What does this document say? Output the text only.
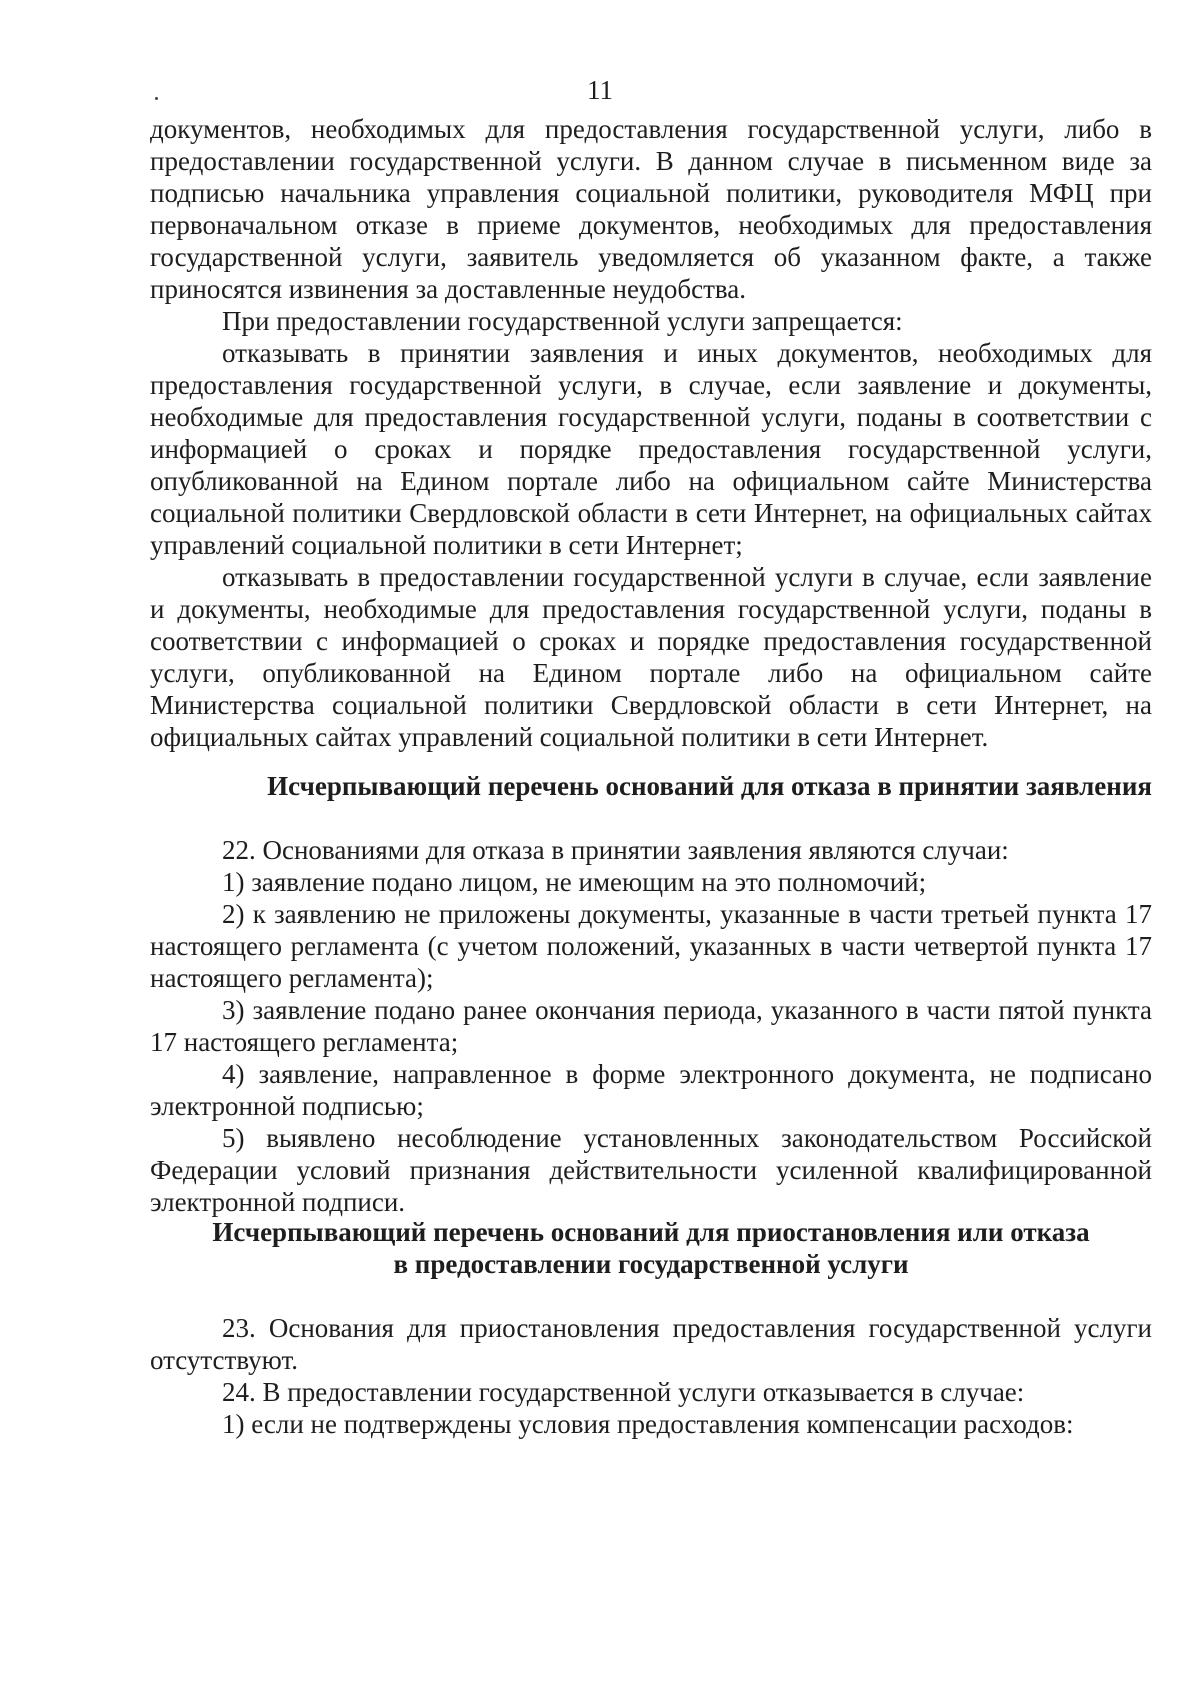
11

документов, необходимых для предоставления государственной услуги, либо в предоставлении государственной услуги. В данном случае в письменном виде за подписью начальника управления социальной политики, руководителя МФЦ при первоначальном отказе в приеме документов, необходимых для предоставления государственной услуги, заявитель уведомляется об указанном факте, а также приносятся извинения за доставленные неудобства.

При предоставлении государственной услуги запрещается:

отказывать в принятии заявления и иных документов, необходимых для предоставления государственной услуги, в случае, если заявление и документы, необходимые для предоставления государственной услуги, поданы в соответствии с информацией о сроках и порядке предоставления государственной услуги, опубликованной на Едином портале либо на официальном сайте Министерства социальной политики Свердловской области в сети Интернет, на официальных сайтах управлений социальной политики в сети Интернет;

отказывать в предоставлении государственной услуги в случае, если заявление и документы, необходимые для предоставления государственной услуги, поданы в соответствии с информацией о сроках и порядке предоставления государственной услуги, опубликованной на Едином портале либо на официальном сайте Министерства социальной политики Свердловской области в сети Интернет, на официальных сайтах управлений социальной политики в сети Интернет.

Исчерпывающий перечень оснований для отказа в принятии заявления

22. Основаниями для отказа в принятии заявления являются случаи:

1) заявление подано лицом, не имеющим на это полномочий;

2) к заявлению не приложены документы, указанные в части третьей пункта 17 настоящего регламента (с учетом положений, указанных в части четвертой пункта 17 настоящего регламента);

3) заявление подано ранее окончания периода, указанного в части пятой пункта 17 настоящего регламента;

4) заявление, направленное в форме электронного документа, не подписано электронной подписью;

5) выявлено несоблюдение установленных законодательством Российской Федерации условий признания действительности усиленной квалифицированной электронной подписи.

Исчерпывающий перечень оснований для приостановления или отказа
в предоставлении государственной услуги

23. Основания для приостановления предоставления государственной услуги отсутствуют.

24. В предоставлении государственной услуги отказывается в случае:

1) если не подтверждены условия предоставления компенсации расходов:
